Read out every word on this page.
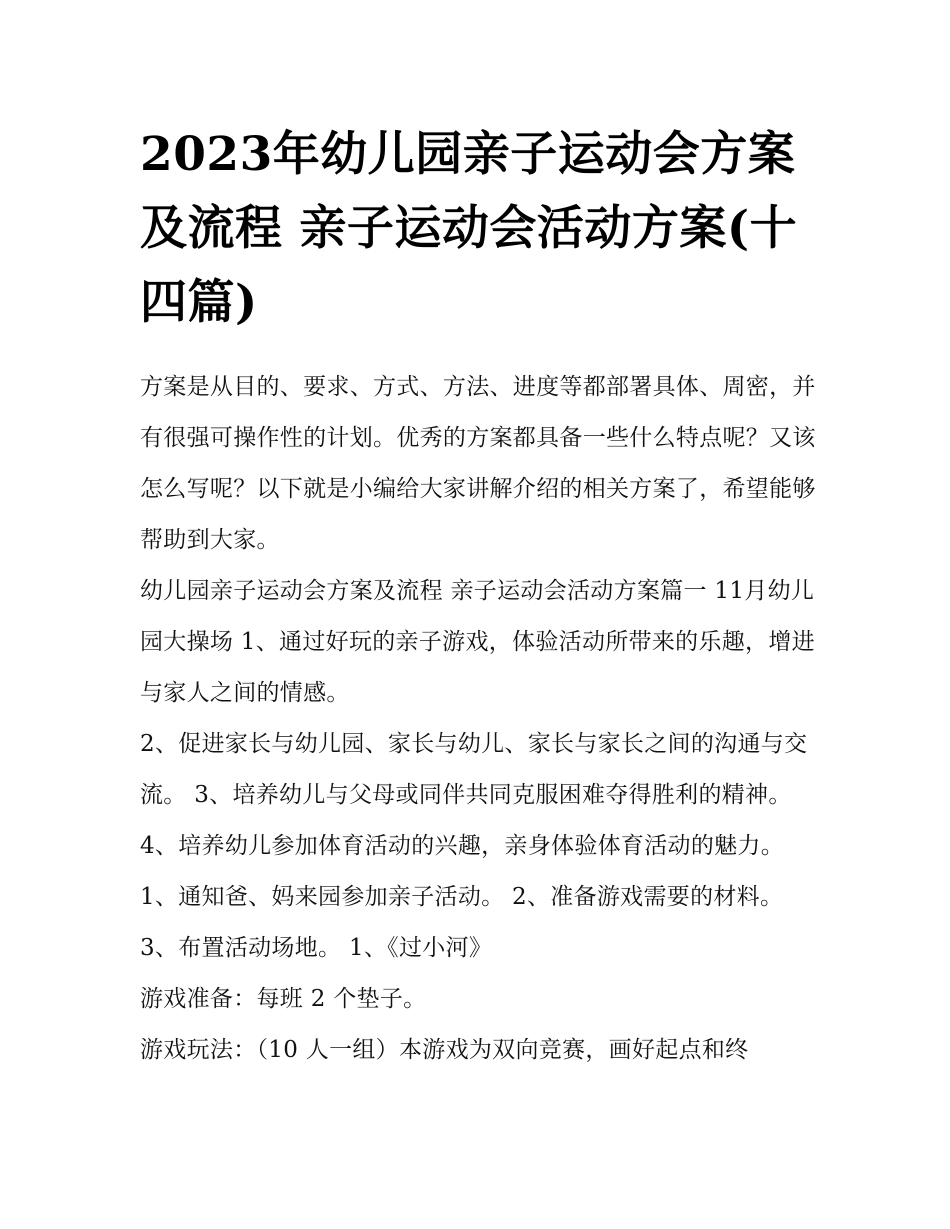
2023年幼儿园亲子运动会方案及流程 亲子运动会活动方案(十四篇)

方案是从目的、要求、方式、方法、进度等都部署具体、周密，并有很强可操作性的计划。优秀的方案都具备一些什么特点呢？又该怎么写呢？以下就是小编给大家讲解介绍的相关方案了，希望能够帮助到大家。

幼儿园亲子运动会方案及流程 亲子运动会活动方案篇一 11月幼儿园大操场 1、通过好玩的亲子游戏，体验活动所带来的乐趣，增进与家人之间的情感。

2、促进家长与幼儿园、家长与幼儿、家长与家长之间的沟通与交流。 3、培养幼儿与父母或同伴共同克服困难夺得胜利的精神。

4、培养幼儿参加体育活动的兴趣，亲身体验体育活动的魅力。 1、通知爸、妈来园参加亲子活动。 2、准备游戏需要的材料。 3、布置活动场地。 1、《过小河》

游戏准备：每班 2 个垫子。

游戏玩法：（10 人一组）本游戏为双向竞赛，画好起点和终
